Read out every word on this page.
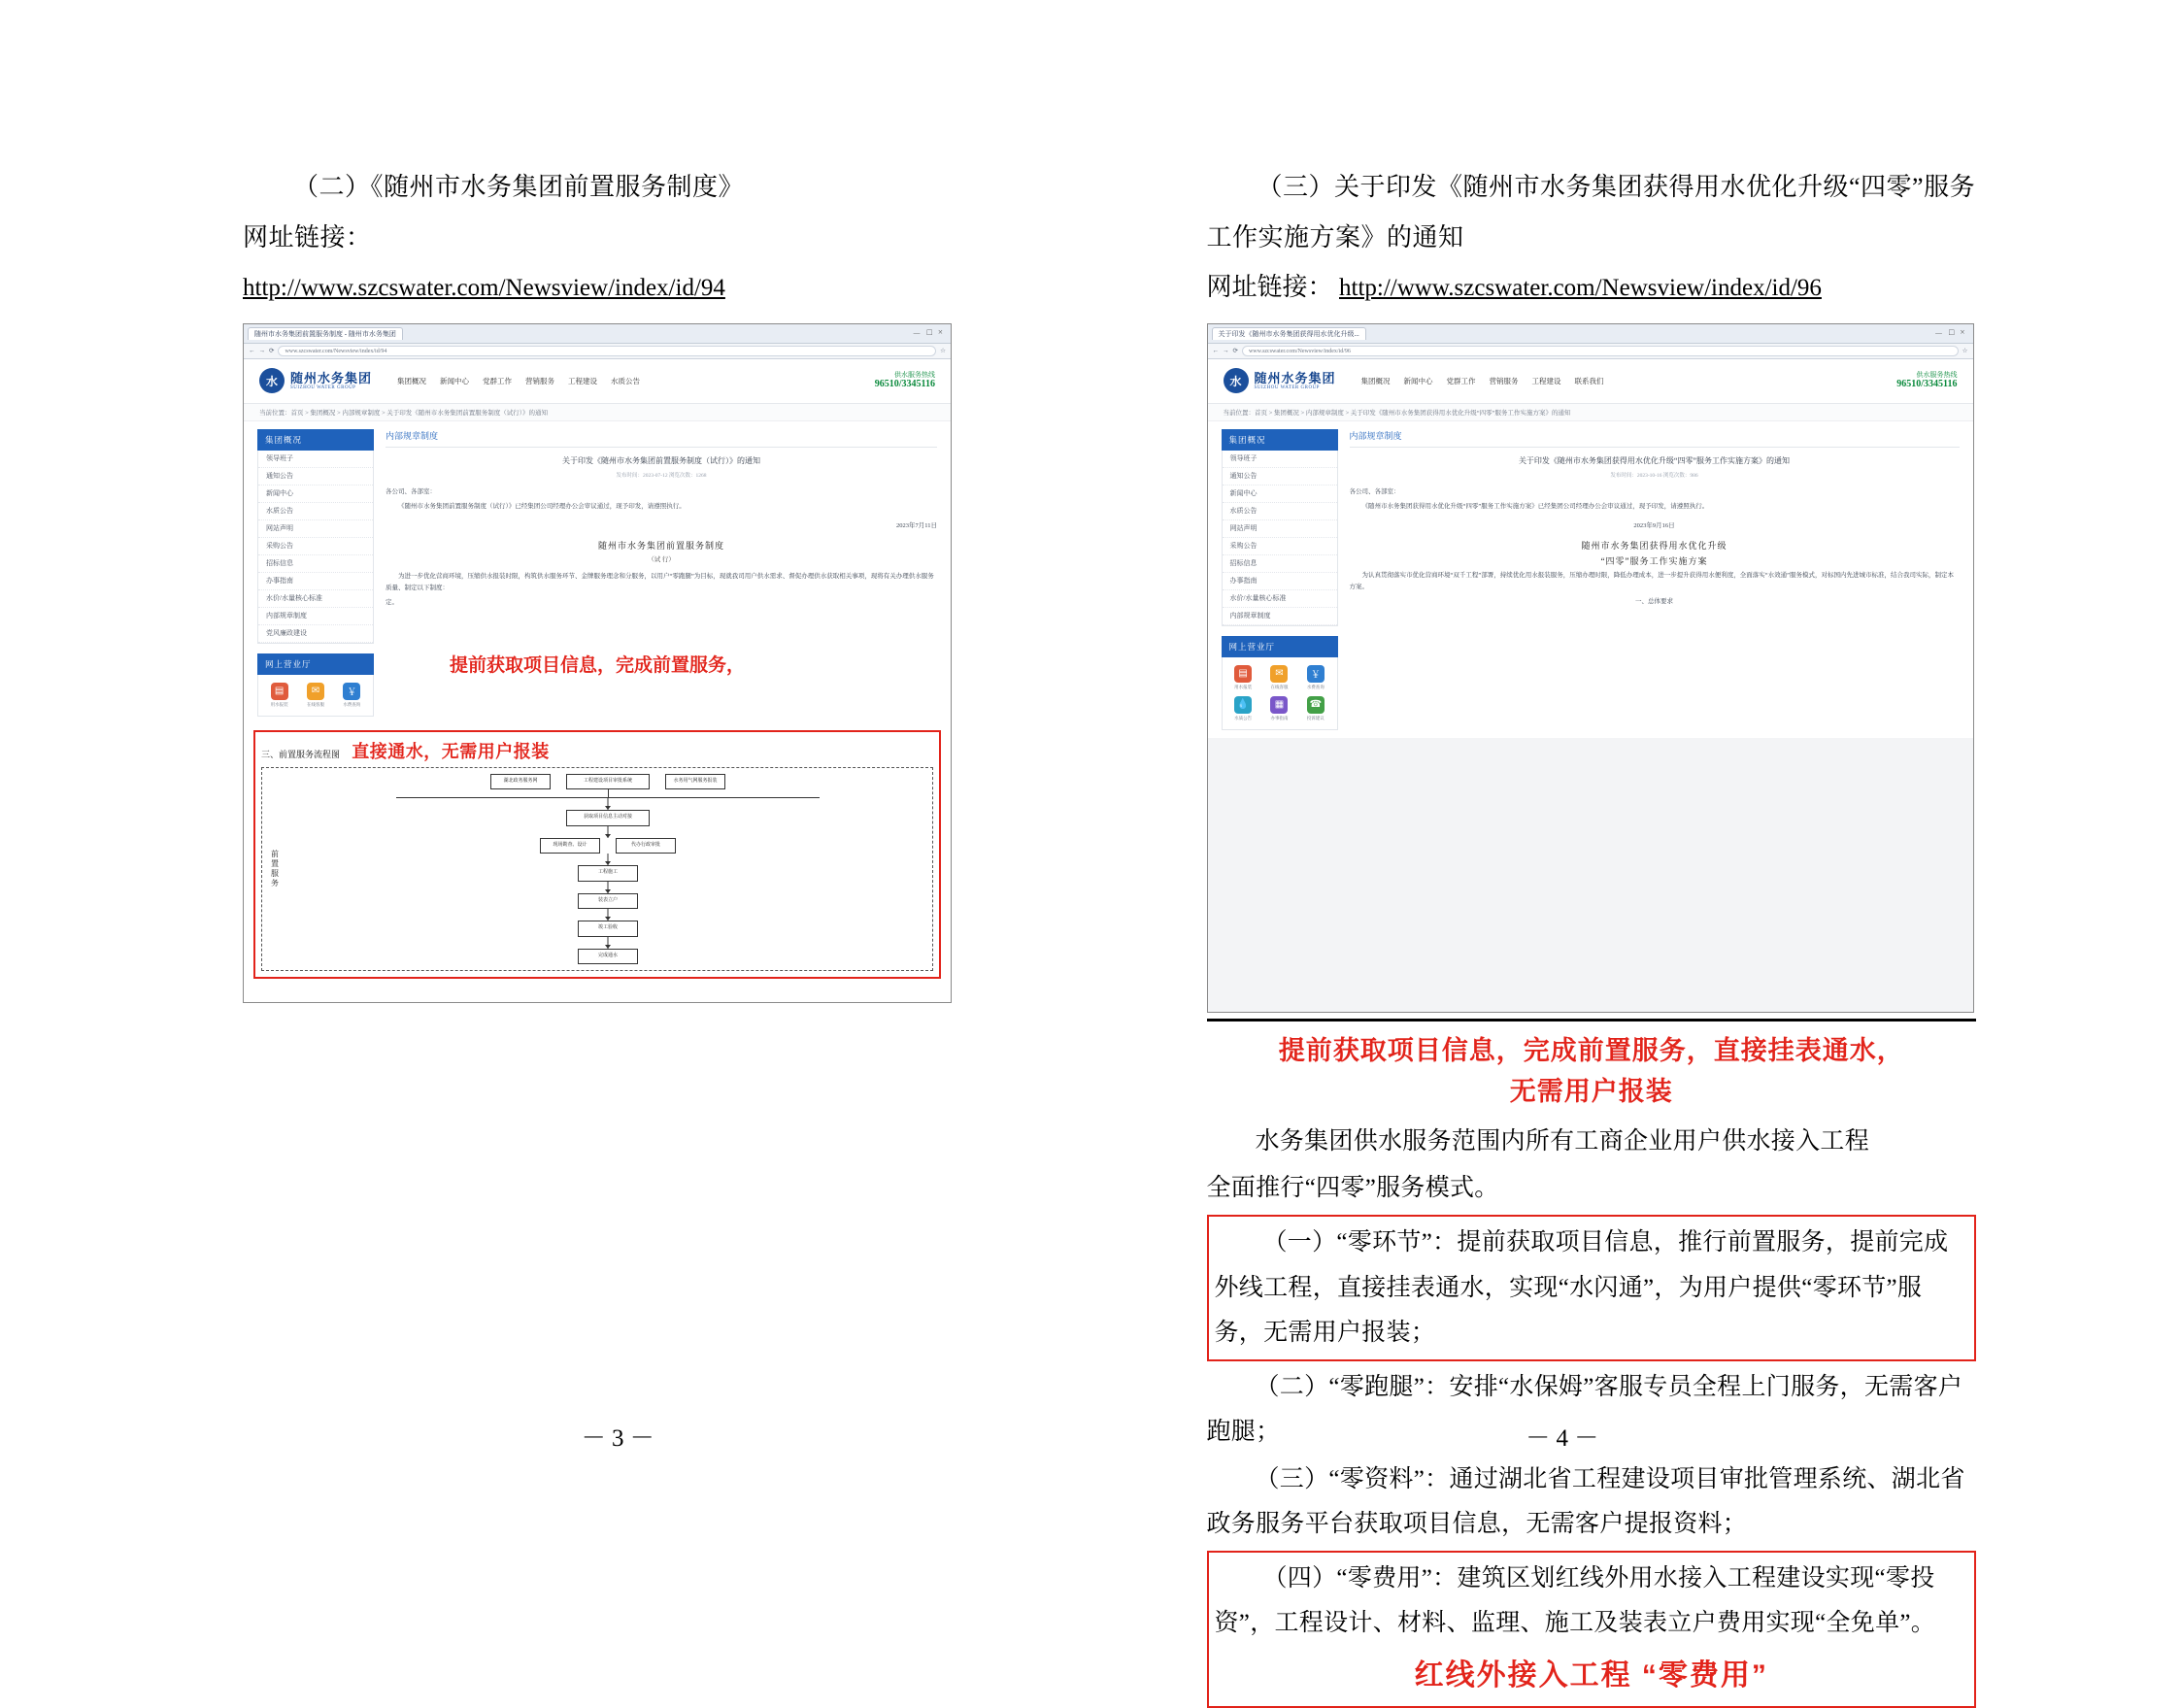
（二）《随州市水务集团前置服务制度》

网址链接：

http://www.szcswater.com/Newsview/index/id/94

随州市水务集团前置服务制度 - 随州市水务集团	－ □ ×
← → ⟳	www.szcswater.com/Newsview/index/id/94	☆
水	随州水务集团
SUIZHOU WATER GROUP
集团概况 新闻中心 党群工作 营销服务 工程建设 水质公告
供水服务热线
96510/3345116
当前位置：首页 > 集团概况 > 内部规章制度 > 关于印发《随州市水务集团前置服务制度（试行）》的通知
集团概况
领导班子
通知公告
新闻中心
水质公告
网站声明
采购公告
招标信息
办事指南
水价/水量核心标准
内部规章制度
党风廉政建设
网上营业厅
▤
用水报装
✉
在线客服
￥
水费查询
内部规章制度
关于印发《随州市水务集团前置服务制度（试行）》的通知
发布时间：2023-07-12 浏览次数：1268

各公司、各部室：

《随州市水务集团前置服务制度（试行）》已经集团公司经理办公会审议通过，现予印发，请遵照执行。

2023年7月11日
随州市水务集团前置服务制度
（试 行）

为进一步优化营商环境，压缩供水报装时限，构筑供水服务环节、金牌服务理念和分服务，以用户“零跑腿”为目标，现就我司用户供水需求、督促办理供水获取相关事项，现将有关办理供水服务质量、制定以下制度：

定。

提前获取项目信息，完成前置服务，
三、前置服务流程图 直接通水，无需用户报装
前置服务
湖北政务服务网	工程建设项目审批系统	水务用气网服务报装
获取项目信息主动对接
现场勘查、设计	代办行政审批
工程施工
装表立户
竣工验收
完成通水
－ 3 －

（三）关于印发《随州市水务集团获得用水优化升级“四零”服务

工作实施方案》的通知

网址链接： http://www.szcswater.com/Newsview/index/id/96

关于印发《随州市水务集团获得用水优化升级...	－ □ ×
← → ⟳	www.szcswater.com/Newsview/index/id/96	☆
水	随州水务集团
SUIZHOU WATER GROUP
集团概况 新闻中心 党群工作 营销服务 工程建设 联系我们
供水服务热线
96510/3345116
当前位置：首页 > 集团概况 > 内部规章制度 > 关于印发《随州市水务集团获得用水优化升级“四零”服务工作实施方案》的通知
集团概况
领导班子
通知公告
新闻中心
水质公告
网站声明
采购公告
招标信息
办事指南
水价/水量核心标准
内部规章制度
网上营业厅
▤
用水报装
✉
在线客服
￥
水费查询
💧
水质公告
▦
办事指南
☎
投诉建议
内部规章制度
关于印发《随州市水务集团获得用水优化升级“四零”服务工作实施方案》的通知
发布时间：2023-10-16 浏览次数：986

各公司、各部室：

《随州市水务集团获得用水优化升级“四零”服务工作实施方案》已经集团公司经理办公会审议通过，现予印发，请遵照执行。

2023年9月16日
随州市水务集团获得用水优化升级
“四零”服务工作实施方案

为认真贯彻落实市优化营商环境“双千工程”部署，持续优化用水报装服务，压缩办理时限，降低办理成本，进一步提升获得用水便利度，全面落实“水效通”服务模式，对标国内先进城市标准，结合我司实际，制定本方案。

一、总体要求

提前获取项目信息，完成前置服务，直接挂表通水，

无需用户报装

水务集团供水服务范围内所有工商企业用户供水接入工程

全面推行“四零”服务模式。

（一）“零环节”：提前获取项目信息，推行前置服务，提前完成外线工程，直接挂表通水，实现“水闪通”，为用户提供“零环节”服务，无需用户报装；

（二）“零跑腿”：安排“水保姆”客服专员全程上门服务，无需客户跑腿；

（三）“零资料”：通过湖北省工程建设项目审批管理系统、湖北省政务服务平台获取项目信息，无需客户提报资料；

（四）“零费用”：建筑区划红线外用水接入工程建设实现“零投资”，工程设计、材料、监理、施工及装表立户费用实现“全免单”。

红线外接入工程 “零费用”

－ 4 －
